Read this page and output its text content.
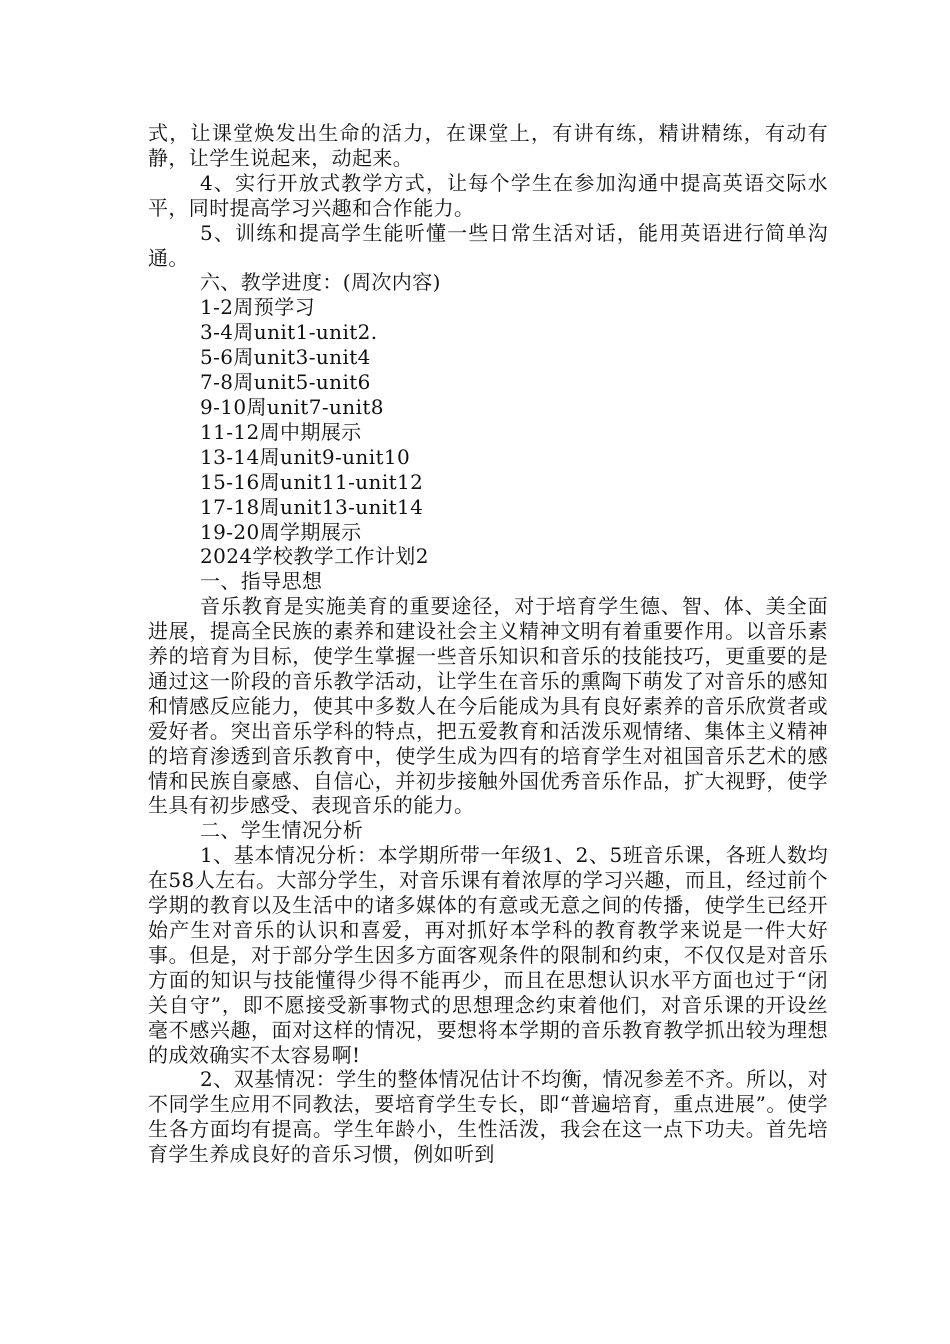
式，让课堂焕发出生命的活力，在课堂上，有讲有练，精讲精练，有动有静，让学生说起来，动起来。

4、实行开放式教学方式，让每个学生在参加沟通中提高英语交际水平，同时提高学习兴趣和合作能力。

5、训练和提高学生能听懂一些日常生活对话，能用英语进行简单沟通。

六、教学进度：(周次内容)

1-2周预学习

3-4周unit1-unit2.

5-6周unit3-unit4

7-8周unit5-unit6

9-10周unit7-unit8

11-12周中期展示

13-14周unit9-unit10

15-16周unit11-unit12

17-18周unit13-unit14

19-20周学期展示

2024学校教学工作计划2

一、指导思想

音乐教育是实施美育的重要途径，对于培育学生德、智、体、美全面进展，提高全民族的素养和建设社会主义精神文明有着重要作用。以音乐素养的培育为目标，使学生掌握一些音乐知识和音乐的技能技巧，更重要的是通过这一阶段的音乐教学活动，让学生在音乐的熏陶下萌发了对音乐的感知和情感反应能力，使其中多数人在今后能成为具有良好素养的音乐欣赏者或爱好者。突出音乐学科的特点，把五爱教育和活泼乐观情绪、集体主义精神的培育渗透到音乐教育中，使学生成为四有的培育学生对祖国音乐艺术的感情和民族自豪感、自信心，并初步接触外国优秀音乐作品，扩大视野，使学生具有初步感受、表现音乐的能力。

二、学生情况分析

1、基本情况分析：本学期所带一年级1、2、5班音乐课，各班人数均在58人左右。大部分学生，对音乐课有着浓厚的学习兴趣，而且，经过前个学期的教育以及生活中的诸多媒体的有意或无意之间的传播，使学生已经开始产生对音乐的认识和喜爱，再对抓好本学科的教育教学来说是一件大好事。但是，对于部分学生因多方面客观条件的限制和约束，不仅仅是对音乐方面的知识与技能懂得少得不能再少，而且在思想认识水平方面也过于“闭关自守”，即不愿接受新事物式的思想理念约束着他们，对音乐课的开设丝毫不感兴趣，面对这样的情况，要想将本学期的音乐教育教学抓出较为理想的成效确实不太容易啊!

2、双基情况：学生的整体情况估计不均衡，情况参差不齐。所以，对不同学生应用不同教法，要培育学生专长，即“普遍培育，重点进展”。使学生各方面均有提高。学生年龄小，生性活泼，我会在这一点下功夫。首先培育学生养成良好的音乐习惯，例如听到
